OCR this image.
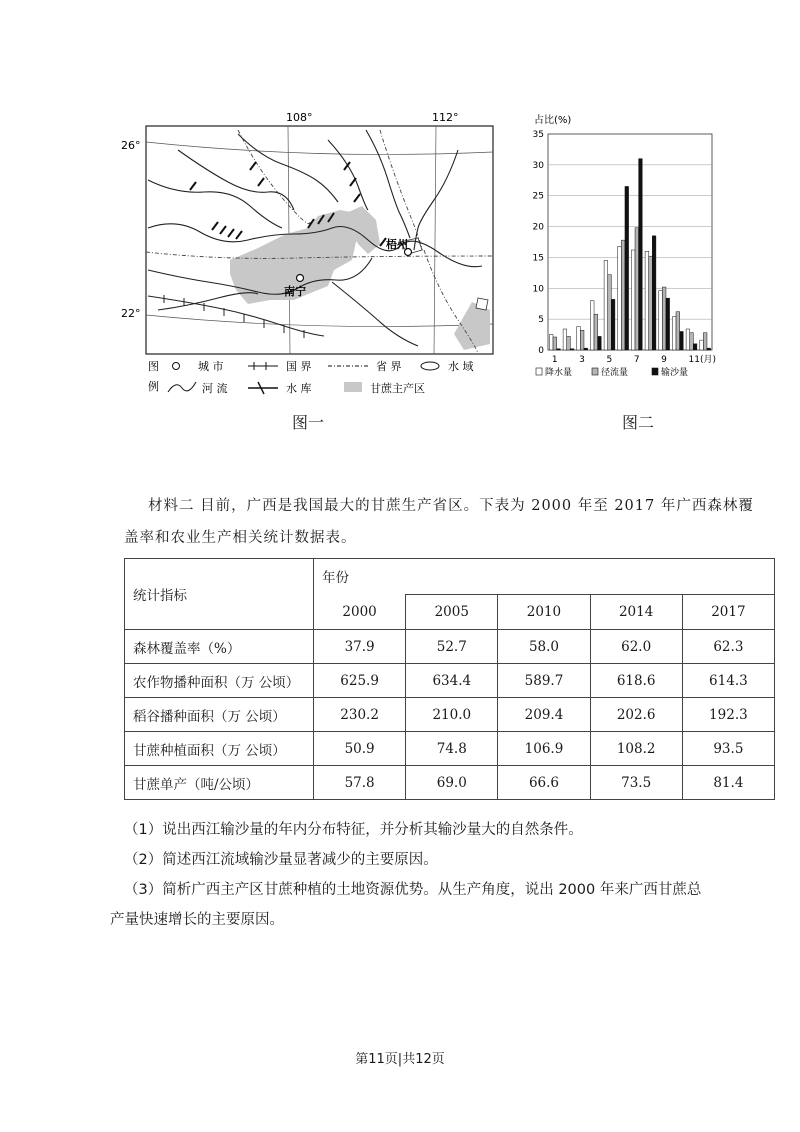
108°	112°
26°
22°
梧州
南宁
图
例
城 市	国 界	省 界	水 域
河 流	水 库	甘蔗主产区
占比(%)
0
5
10
15
20
25
30
35
1 3 5 7 9 11(月)
降水量	径流量	输沙量
图一	图二
材料二 目前，广西是我国最大的甘蔗生产省区。下表为 2000 年至 2017 年广西森林覆
盖率和农业生产相关统计数据表。
统计指标	年份				
	2000	2005	2010	2014	2017
森林覆盖率（%）	37.9	52.7	58.0	62.0	62.3
农作物播种面积（万 公顷）	625.9	634.4	589.7	618.6	614.3
稻谷播种面积（万 公顷）	230.2	210.0	209.4	202.6	192.3
甘蔗种植面积（万 公顷）	50.9	74.8	106.9	108.2	93.5
甘蔗单产（吨/公顷）	57.8	69.0	66.6	73.5	81.4
（1）说出西江输沙量的年内分布特征，并分析其输沙量大的自然条件。
（2）简述西江流域输沙量显著减少的主要原因。
（3）简析广西主产区甘蔗种植的土地资源优势。从生产角度，说出 2000 年来广西甘蔗总
产量快速增长的主要原因。
第11页|共12页
